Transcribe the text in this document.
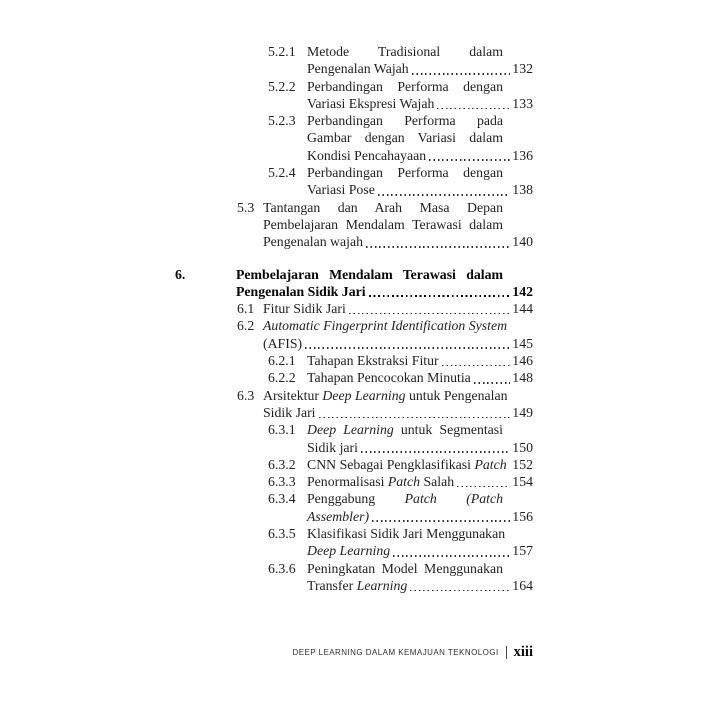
5.2.1 Metode Tradisional dalam
Pengenalan Wajah	132
5.2.2 Perbandingan Performa dengan
Variasi Ekspresi Wajah	133
5.2.3 Perbandingan Performa pada
Gambar dengan Variasi dalam
Kondisi Pencahayaan	136
5.2.4 Perbandingan Performa dengan
Variasi Pose	138
5.3 Tantangan dan Arah Masa Depan
Pembelajaran Mendalam Terawasi dalam
Pengenalan wajah	140
6.	Pembelajaran Mendalam Terawasi dalam
Pengenalan Sidik Jari	142
6.1 Fitur Sidik Jari	144
6.2 Automatic Fingerprint Identification System
(AFIS)	145
6.2.1 Tahapan Ekstraksi Fitur	146
6.2.2 Tahapan Pencocokan Minutia	148
6.3 Arsitektur Deep Learning untuk Pengenalan
Sidik Jari	149
6.3.1 Deep Learning untuk Segmentasi
Sidik jari	150
6.3.2 CNN Sebagai Pengklasifikasi Patch 152
6.3.3 Penormalisasi Patch Salah	154
6.3.4 Penggabung Patch (Patch
Assembler)	156
6.3.5 Klasifikasi Sidik Jari Menggunakan
Deep Learning	157
6.3.6 Peningkatan Model Menggunakan
Transfer Learning	164
DEEP LEARNING DALAM KEMAJUAN TEKNOLOGI xiii
